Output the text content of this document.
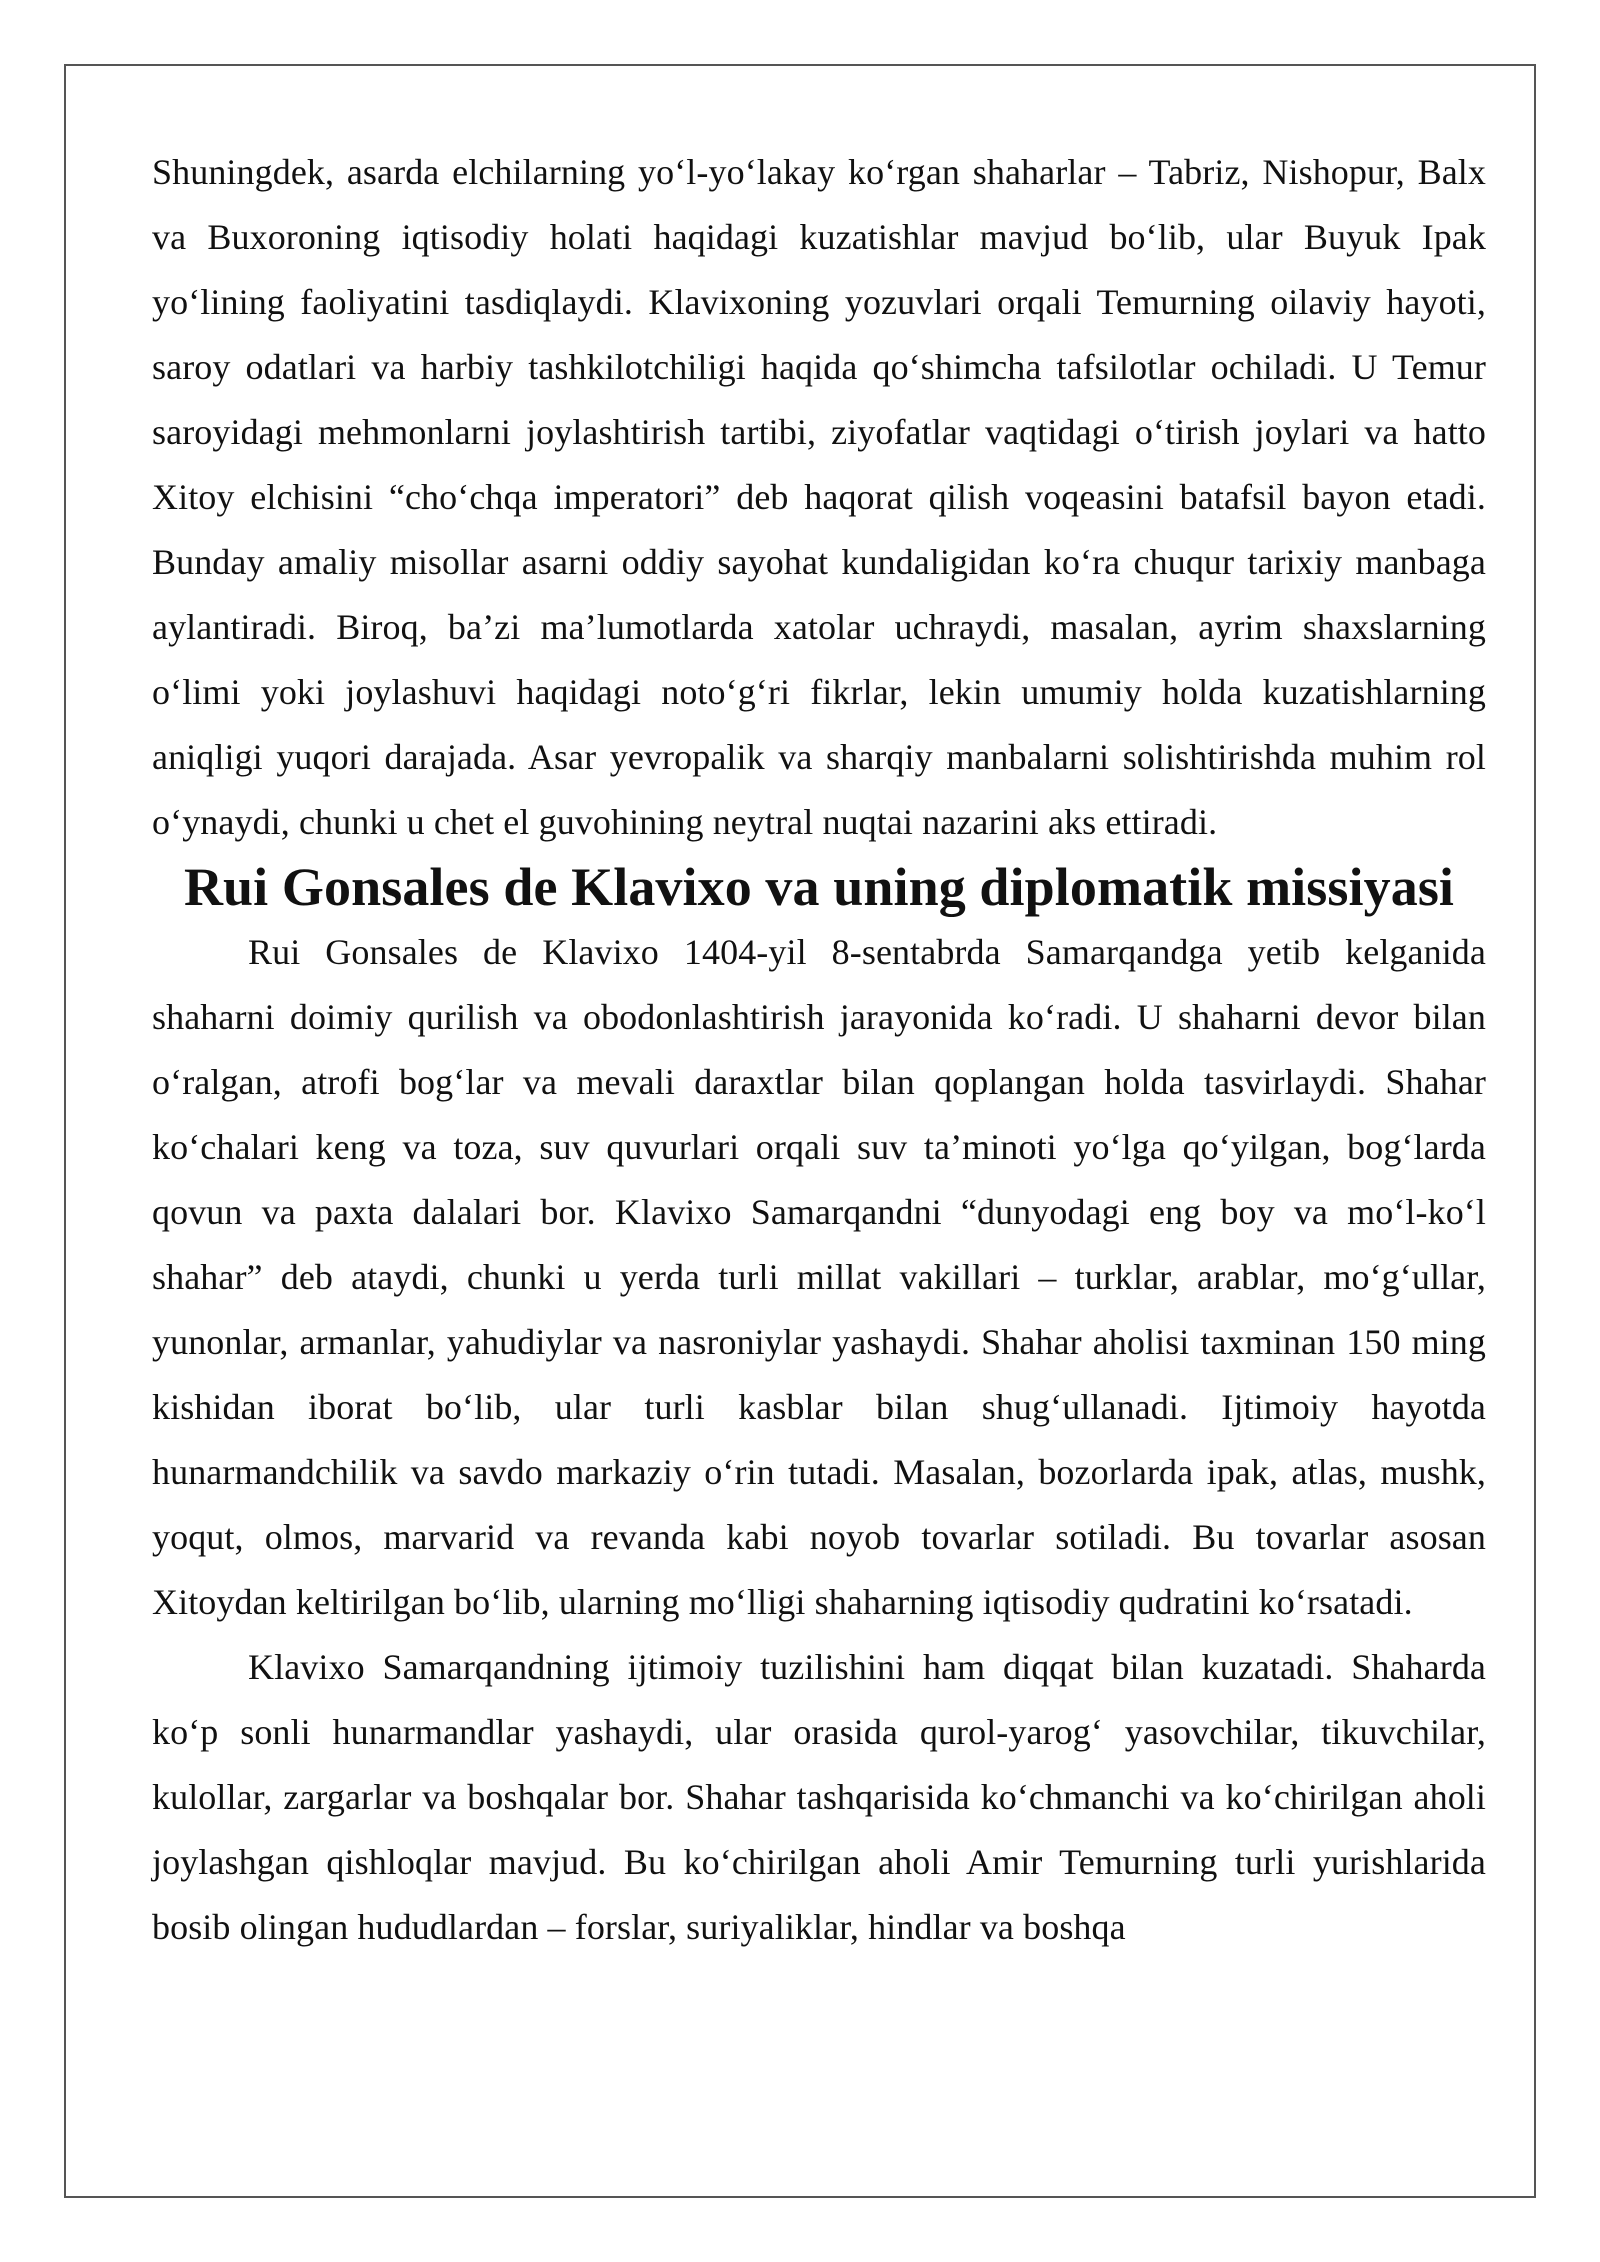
Shuningdek, asarda elchilarning yo‘l-yo‘lakay ko‘rgan shaharlar – Tabriz, Nishopur, Balx va Buxoroning iqtisodiy holati haqidagi kuzatishlar mavjud bo‘lib, ular Buyuk Ipak yo‘lining faoliyatini tasdiqlaydi. Klavixoning yozuvlari orqali Temurning oilaviy hayoti, saroy odatlari va harbiy tashkilotchiligi haqida qo‘shimcha tafsilotlar ochiladi. U Temur saroyidagi mehmonlarni joylashtirish tartibi, ziyofatlar vaqtidagi o‘tirish joylari va hatto Xitoy elchisini “cho‘chqa imperatori” deb haqorat qilish voqeasini batafsil bayon etadi. Bunday amaliy misollar asarni oddiy sayohat kundaligidan ko‘ra chuqur tarixiy manbaga aylantiradi. Biroq, ba’zi ma’lumotlarda xatolar uchraydi, masalan, ayrim shaxslarning o‘limi yoki joylashuvi haqidagi noto‘g‘ri fikrlar, lekin umumiy holda kuzatishlarning aniqligi yuqori darajada. Asar yevropalik va sharqiy manbalarni solishtirishda muhim rol o‘ynaydi, chunki u chet el guvohining neytral nuqtai nazarini aks ettiradi.

Rui Gonsales de Klavixo va uning diplomatik missiyasi

Rui Gonsales de Klavixo 1404-yil 8-sentabrda Samarqandga yetib kelganida shaharni doimiy qurilish va obodonlashtirish jarayonida ko‘radi. U shaharni devor bilan o‘ralgan, atrofi bog‘lar va mevali daraxtlar bilan qoplangan holda tasvirlaydi. Shahar ko‘chalari keng va toza, suv quvurlari orqali suv ta’minoti yo‘lga qo‘yilgan, bog‘larda qovun va paxta dalalari bor. Klavixo Samarqandni “dunyodagi eng boy va mo‘l-ko‘l shahar” deb ataydi, chunki u yerda turli millat vakillari – turklar, arablar, mo‘g‘ullar, yunonlar, armanlar, yahudiylar va nasroniylar yashaydi. Shahar aholisi taxminan 150 ming kishidan iborat bo‘lib, ular turli kasblar bilan shug‘ullanadi. Ijtimoiy hayotda hunarmandchilik va savdo markaziy o‘rin tutadi. Masalan, bozorlarda ipak, atlas, mushk, yoqut, olmos, marvarid va revanda kabi noyob tovarlar sotiladi. Bu tovarlar asosan Xitoydan keltirilgan bo‘lib, ularning mo‘lligi shaharning iqtisodiy qudratini ko‘rsatadi.

Klavixo Samarqandning ijtimoiy tuzilishini ham diqqat bilan kuzatadi. Shaharda ko‘p sonli hunarmandlar yashaydi, ular orasida qurol-yarog‘ yasovchilar, tikuvchilar, kulollar, zargarlar va boshqalar bor. Shahar tashqarisida ko‘chmanchi va ko‘chirilgan aholi joylashgan qishloqlar mavjud. Bu ko‘chirilgan aholi Amir Temurning turli yurishlarida bosib olingan hududlardan – forslar, suriyaliklar, hindlar va boshqa
